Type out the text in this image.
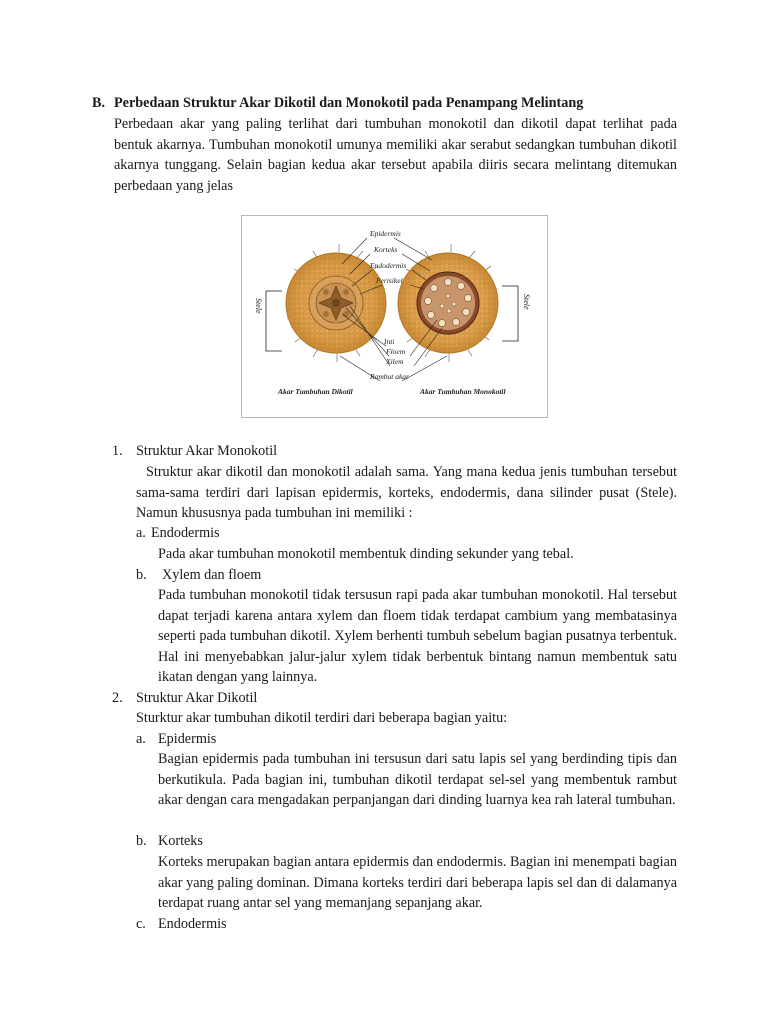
B. Perbedaan Struktur Akar Dikotil dan Monokotil pada Penampang Melintang

Perbedaan akar yang paling terlihat dari tumbuhan monokotil dan dikotil dapat terlihat pada bentuk akarnya. Tumbuhan monokotil umunya memiliki akar serabut sedangkan tumbuhan dikotil akarnya tunggang. Selain bagian kedua akar tersebut apabila diiris secara melintang ditemukan perbedaan yang jelas

Stele	Stele
Epidermis
Korteks
Endodermis
Perisikel
Inti
Floem
Xilem
Rambut akar
Akar Tumbuhan Dikotil	Akar Tumbuhan Monokotil
1. Struktur Akar Monokotil

Struktur akar dikotil dan monokotil adalah sama. Yang mana kedua jenis tumbuhan tersebut sama-sama terdiri dari lapisan epidermis, korteks, endodermis, dana silinder pusat (Stele). Namun khususnya pada tumbuhan ini memiliki :

a. Endodermis

Pada akar tumbuhan monokotil membentuk dinding sekunder yang tebal.

b. Xylem dan floem

Pada tumbuhan monokotil tidak tersusun rapi pada akar tumbuhan monokotil. Hal tersebut dapat terjadi karena antara xylem dan floem tidak terdapat cambium yang membatasinya seperti pada tumbuhan dikotil. Xylem berhenti tumbuh sebelum bagian pusatnya terbentuk. Hal ini menyebabkan jalur-jalur xylem tidak berbentuk bintang namun membentuk satu ikatan dengan yang lainnya.

2. Struktur Akar Dikotil

Sturktur akar tumbuhan dikotil terdiri dari beberapa bagian yaitu:

a. Epidermis

Bagian epidermis pada tumbuhan ini tersusun dari satu lapis sel yang berdinding tipis dan berkutikula. Pada bagian ini, tumbuhan dikotil terdapat sel-sel yang membentuk rambut akar dengan cara mengadakan perpanjangan dari dinding luarnya kea rah lateral tumbuhan.

b. Korteks

Korteks merupakan bagian antara epidermis dan endodermis. Bagian ini menempati bagian akar yang paling dominan. Dimana korteks terdiri dari beberapa lapis sel dan di dalamanya terdapat ruang antar sel yang memanjang sepanjang akar.

c. Endodermis
